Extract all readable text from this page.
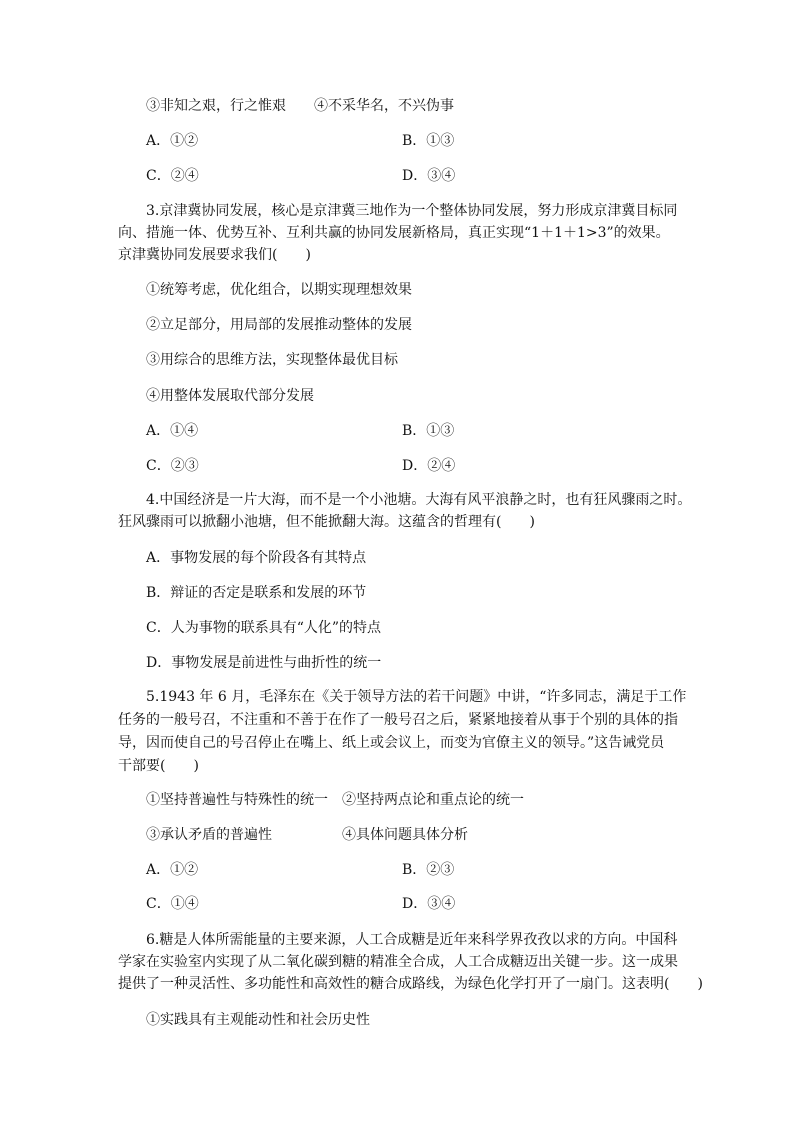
③非知之艰，行之惟艰 ④不采华名，不兴伪事
A．①②	B．①③
C．②④	D．③④
3.京津冀协同发展，核心是京津冀三地作为一个整体协同发展，努力形成京津冀目标同
向、措施一体、优势互补、互利共赢的协同发展新格局，真正实现“1＋1＋1>3”的效果。
京津冀协同发展要求我们(　　)
①统筹考虑，优化组合，以期实现理想效果
②立足部分，用局部的发展推动整体的发展
③用综合的思维方法，实现整体最优目标
④用整体发展取代部分发展
A．①④	B．①③
C．②③	D．②④
4.中国经济是一片大海，而不是一个小池塘。大海有风平浪静之时，也有狂风骤雨之时。
狂风骤雨可以掀翻小池塘，但不能掀翻大海。这蕴含的哲理有(　　)
A．事物发展的每个阶段各有其特点
B．辩证的否定是联系和发展的环节
C．人为事物的联系具有“人化”的特点
D．事物发展是前进性与曲折性的统一
5.1943 年 6 月，毛泽东在《关于领导方法的若干问题》中讲，“许多同志，满足于工作
任务的一般号召，不注重和不善于在作了一般号召之后，紧紧地接着从事于个别的具体的指
导，因而使自己的号召停止在嘴上、纸上或会议上，而变为官僚主义的领导。”这告诫党员
干部要(　　)
①坚持普遍性与特殊性的统一 ②坚持两点论和重点论的统一
③承认矛盾的普遍性	④具体问题具体分析
A．①②	B．②③
C．①④	D．③④
6.糖是人体所需能量的主要来源，人工合成糖是近年来科学界孜孜以求的方向。中国科
学家在实验室内实现了从二氧化碳到糖的精准全合成，人工合成糖迈出关键一步。这一成果
提供了一种灵活性、多功能性和高效性的糖合成路线，为绿色化学打开了一扇门。这表明(　　)
①实践具有主观能动性和社会历史性
